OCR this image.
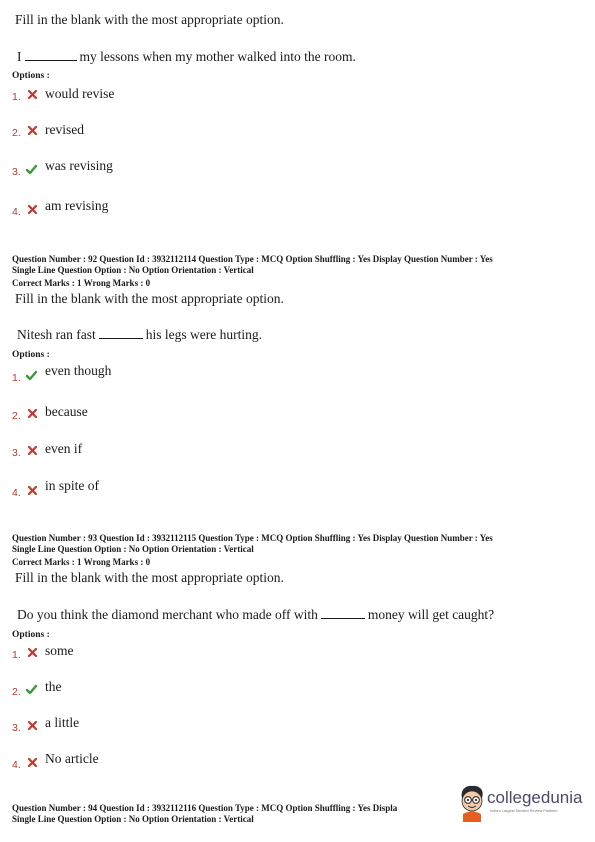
Fill in the blank with the most appropriate option.
I	my lessons when my mother walked into the room.
Options :
1. would revise
2. revised
3. was revising
4. am revising
Question Number : 92 Question Id : 3932112114 Question Type : MCQ Option Shuffling : Yes Display Question Number : Yes
Single Line Question Option : No Option Orientation : Vertical
Correct Marks : 1 Wrong Marks : 0
Fill in the blank with the most appropriate option.
Nitesh ran fast	his legs were hurting.
Options :
1. even though
2. because
3. even if
4. in spite of
Question Number : 93 Question Id : 3932112115 Question Type : MCQ Option Shuffling : Yes Display Question Number : Yes
Single Line Question Option : No Option Orientation : Vertical
Correct Marks : 1 Wrong Marks : 0
Fill in the blank with the most appropriate option.
Do you think the diamond merchant who made off with	money will get caught?
Options :
1. some
2. the
3. a little
4. No article
Question Number : 94 Question Id : 3932112116 Question Type : MCQ Option Shuffling : Yes Displa
Single Line Question Option : No Option Orientation : Vertical
collegedunia
India's Largest Student Review Platform
